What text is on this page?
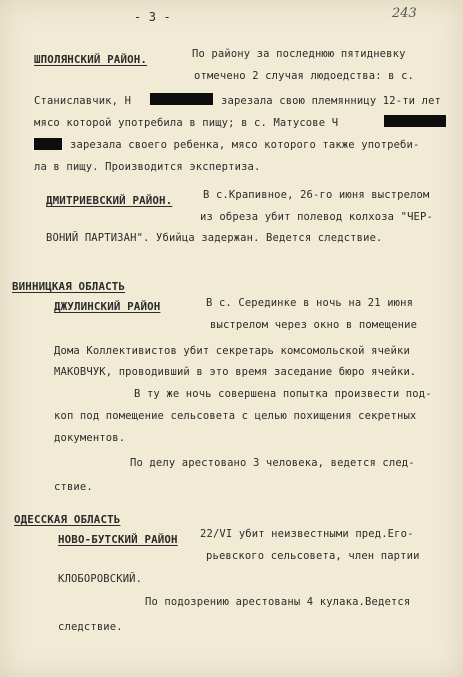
- 3 -	243
ШПОЛЯНСКИЙ РАЙОН.	По району за последнюю пятидневку
отмечено 2 случая людоедства: в с.
Станиславчик, Н	зарезала свою племянницу 12-ти лет
мясо которой употребила в пищу; в с. Матусове Ч
зарезала своего ребенка, мясо которого также употреби-
ла в пищу. Производится экспертиза.
ДМИТРИЕВСКИЙ РАЙОН.	В с.Крапивное, 26-го июня выстрелом
из обреза убит полевод колхоза "ЧЕР-
ВОНИЙ ПАРТИЗАН". Убийца задержан. Ведется следствие.
ВИННИЦКАЯ ОБЛАСТЬ
ДЖУЛИНСКИЙ РАЙОН	В с. Серединке в ночь на 21 июня
выстрелом через окно в помещение
Дома Коллективистов убит секретарь комсомольской ячейки
МАКОВЧУК, проводивший в это время заседание бюро ячейки.
В ту же ночь совершена попытка произвести под-
коп под помещение сельсовета с целью похищения секретных
документов.
По делу арестовано 3 человека, ведется след-
ствие.
ОДЕССКАЯ ОБЛАСТЬ
НОВО-БУТСКИЙ РАЙОН 22/VI убит неизвестными пред.Его-
рьевского сельсовета, член партии
КЛОБОРОВСКИЙ.
По подозрению арестованы 4 кулака.Ведется
следствие.
